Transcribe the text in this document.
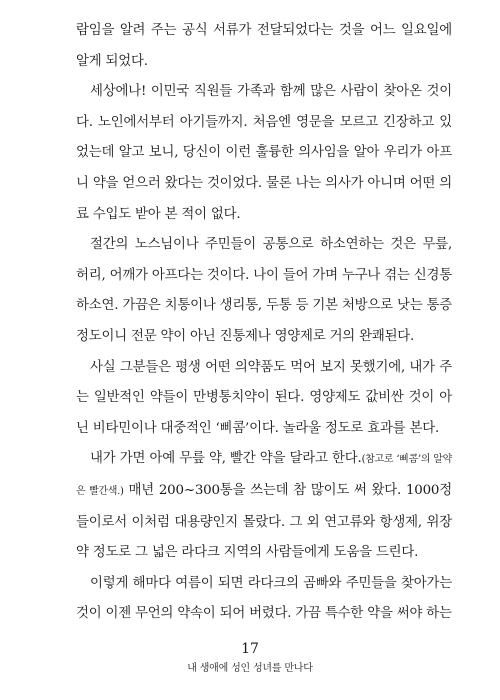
람임을 알려 주는 공식 서류가 전달되었다는 것을 어느 일요일에 알게 되었다.

세상에나! 이민국 직원들 가족과 함께 많은 사람이 찾아온 것이다. 노인에서부터 아기들까지. 처음엔 영문을 모르고 긴장하고 있었는데 알고 보니, 당신이 이런 훌륭한 의사임을 알아 우리가 아프니 약을 얻으러 왔다는 것이었다. 물론 나는 의사가 아니며 어떤 의료 수입도 받아 본 적이 없다.

절간의 노스님이나 주민들이 공통으로 하소연하는 것은 무릎, 허리, 어깨가 아프다는 것이다. 나이 들어 가며 누구나 겪는 신경통 하소연. 가끔은 치통이나 생리통, 두통 등 기본 처방으로 낫는 통증 정도이니 전문 약이 아닌 진통제나 영양제로 거의 완쾌된다.

사실 그분들은 평생 어떤 의약품도 먹어 보지 못했기에, 내가 주는 일반적인 약들이 만병통치약이 된다. 영양제도 값비싼 것이 아닌 비타민이나 대중적인 ‘삐콤’이다. 놀라울 정도로 효과를 본다.

내가 가면 아예 무릎 약, 빨간 약을 달라고 한다.(참고로 ‘삐콤’의 알약은 빨간색.) 매년 200~300통을 쓰는데 참 많이도 써 왔다. 1000정들이로서 이처럼 대용량인지 몰랐다. 그 외 연고류와 항생제, 위장약 정도로 그 넓은 라다크 지역의 사람들에게 도움을 드린다.

이렇게 해마다 여름이 되면 라다크의 곰빠와 주민들을 찾아가는 것이 이젠 무언의 약속이 되어 버렸다. 가끔 특수한 약을 써야 하는

17
내 생애에 성인 성녀를 만나다
